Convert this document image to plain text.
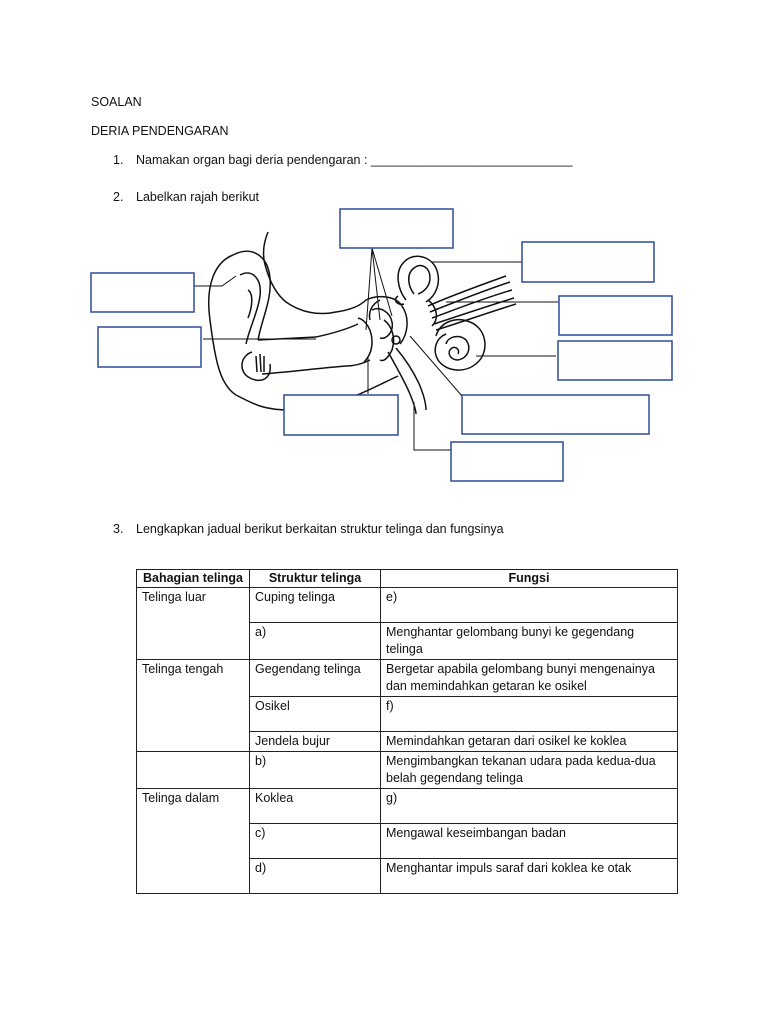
SOALAN
DERIA PENDENGARAN
1. Namakan organ bagi deria pendengaran : _____________________________
2. Labelkan rajah berikut
3. Lengkapkan jadual berikut berkaitan struktur telinga dan fungsinya
Bahagian telinga	Struktur telinga	Fungsi
Telinga luar	Cuping telinga	e)
	a)	Menghantar gelombang bunyi ke gegendang telinga
Telinga tengah	Gegendang telinga	Bergetar apabila gelombang bunyi mengenainya dan memindahkan getaran ke osikel
	Osikel	f)
	Jendela bujur	Memindahkan getaran dari osikel ke koklea
	b)	Mengimbangkan tekanan udara pada kedua-dua belah gegendang telinga
Telinga dalam	Koklea	g)
	c)	Mengawal keseimbangan badan
	d)	Menghantar impuls saraf dari koklea ke otak
